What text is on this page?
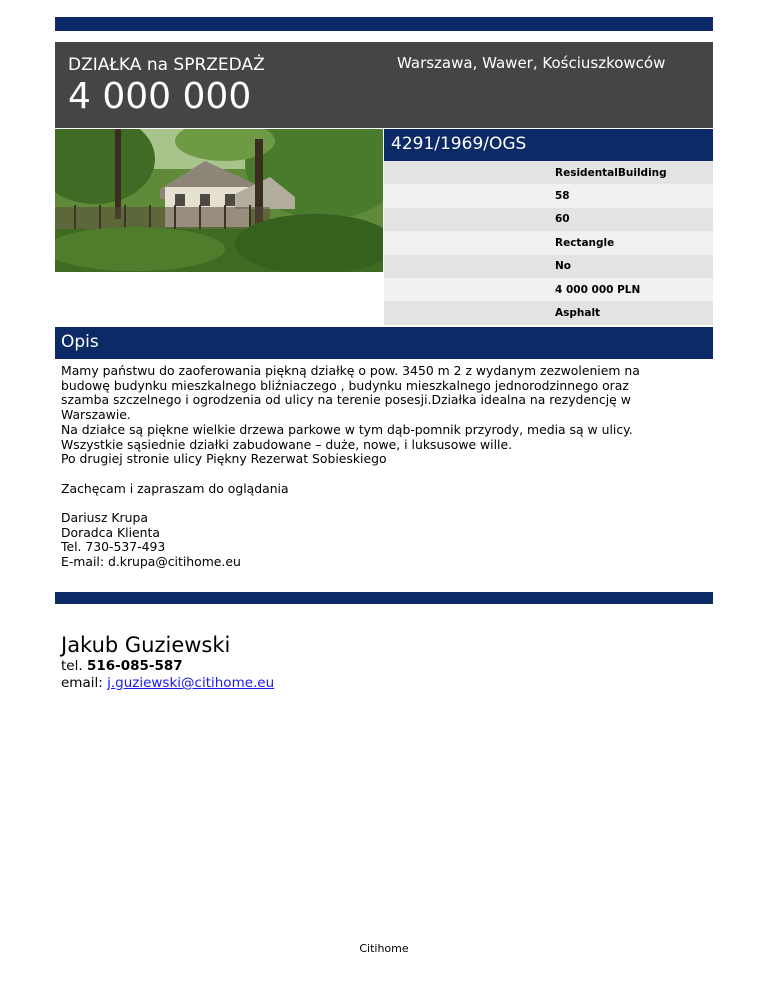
DZIAŁKA na SPRZEDAŻ
4 000 000
Warszawa, Wawer, Kościuszkowców
4291/1969/OGS
ResidentalBuilding
58
60
Rectangle
No
4 000 000 PLN
Asphalt
Opis

Mamy państwu do zaoferowania piękną działkę o pow. 3450 m 2 z wydanym zezwoleniem na

budowę budynku mieszkalnego bliźniaczego , budynku mieszkalnego jednorodzinnego oraz

szamba szczelnego i ogrodzenia od ulicy na terenie posesji.Działka idealna na rezydencję w

Warszawie.

Na działce są piękne wielkie drzewa parkowe w tym dąb-pomnik przyrody, media są w ulicy.

Wszystkie sąsiednie działki zabudowane – duże, nowe, i luksusowe wille.

Po drugiej stronie ulicy Piękny Rezerwat Sobieskiego

Zachęcam i zapraszam do oglądania

Dariusz Krupa

Doradca Klienta

Tel. 730-537-493

E-mail: d.krupa@citihome.eu

Jakub Guziewski
tel. 516-085-587
email: j.guziewski@citihome.eu
Citihome
